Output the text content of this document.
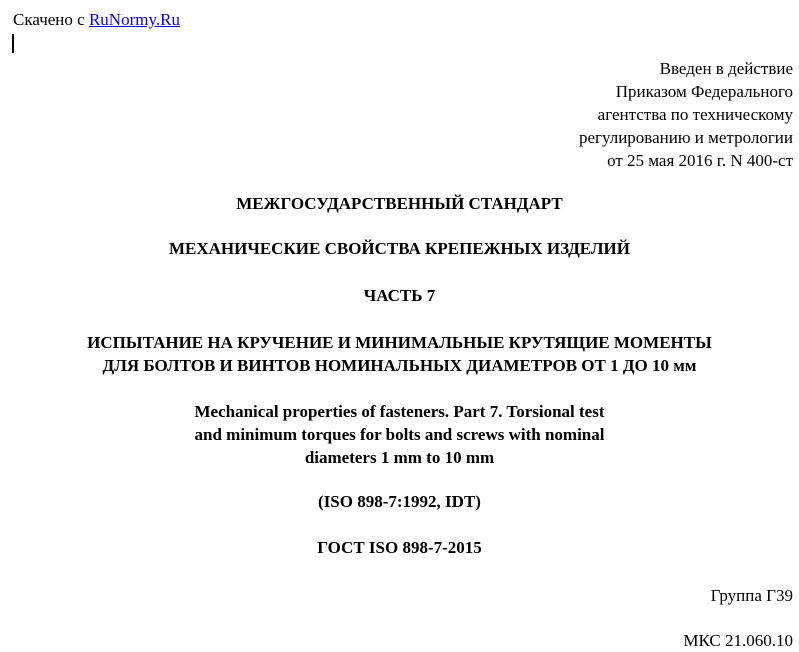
Скачено с RuNormy.Ru
Введен в действие
Приказом Федерального
агентства по техническому
регулированию и метрологии
от 25 мая 2016 г. N 400-ст
МЕЖГОСУДАРСТВЕННЫЙ СТАНДАРТ
МЕХАНИЧЕСКИЕ СВОЙСТВА КРЕПЕЖНЫХ ИЗДЕЛИЙ
ЧАСТЬ 7
ИСПЫТАНИЕ НА КРУЧЕНИЕ И МИНИМАЛЬНЫЕ КРУТЯЩИЕ МОМЕНТЫ
ДЛЯ БОЛТОВ И ВИНТОВ НОМИНАЛЬНЫХ ДИАМЕТРОВ ОТ 1 ДО 10 мм
Mechanical properties of fasteners. Part 7. Torsional test
and minimum torques for bolts and screws with nominal
diameters 1 mm to 10 mm
(ISO 898-7:1992, IDT)
ГОСТ ISO 898-7-2015
Группа Г39
МКС 21.060.10
